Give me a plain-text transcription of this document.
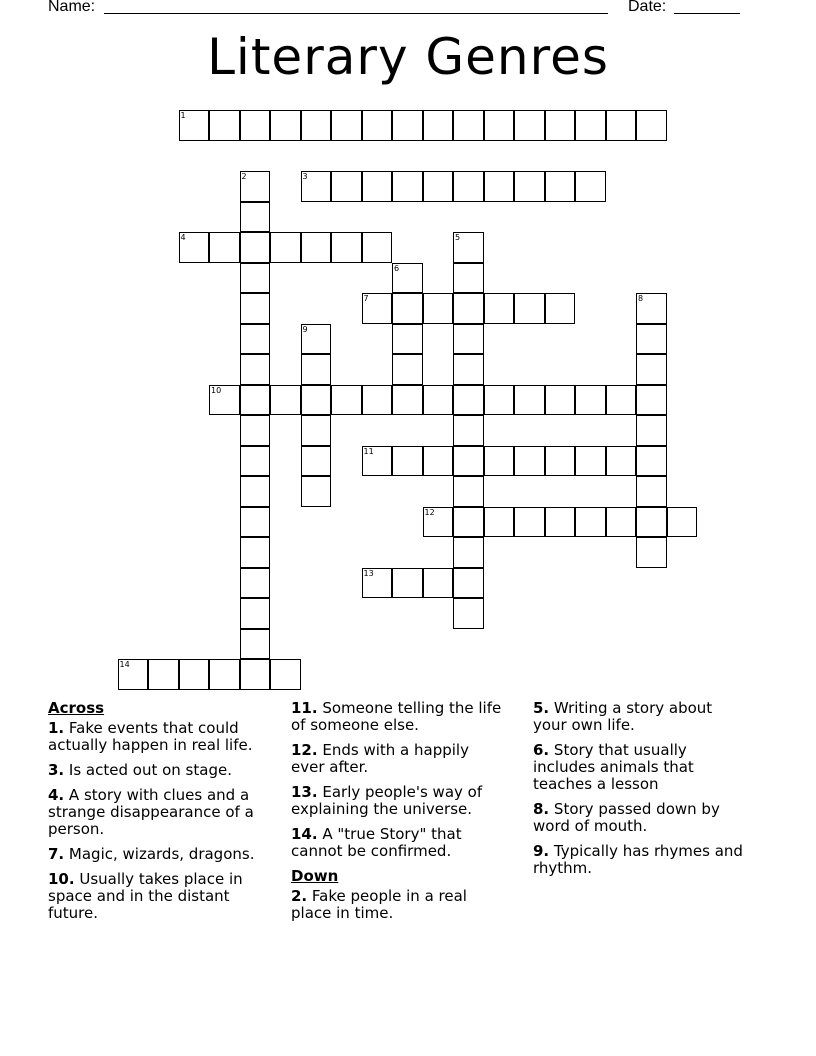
Name:	Date:
Literary Genres
1
2	3
4	5
6
7	8
9
10
11
12
13
14
Across
1. Fake events that could actually happen in real life.
3. Is acted out on stage.
4. A story with clues and a strange disappearance of a person.
7. Magic, wizards, dragons.
10. Usually takes place in space and in the distant future.
11. Someone telling the life of someone else.
12. Ends with a happily ever after.
13. Early people's way of explaining the universe.
14. A "true Story" that cannot be confirmed.
Down
2. Fake people in a real place in time.
5. Writing a story about your own life.
6. Story that usually includes animals that teaches a lesson
8. Story passed down by word of mouth.
9. Typically has rhymes and rhythm.
